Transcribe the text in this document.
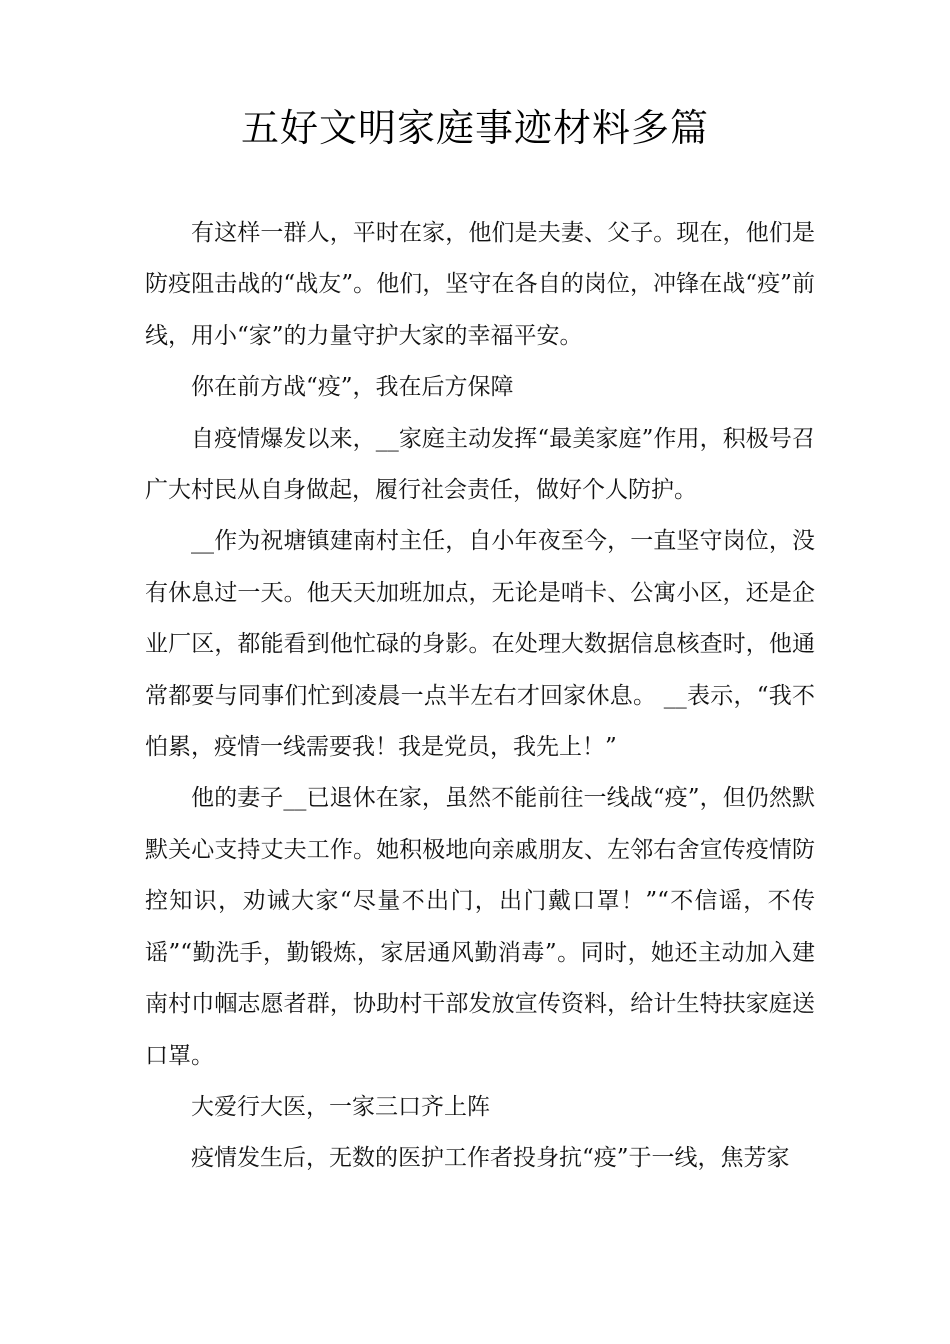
五好文明家庭事迹材料多篇

有这样一群人，平时在家，他们是夫妻、父子。现在，他们是防疫阻击战的“战友”。他们，坚守在各自的岗位，冲锋在战“疫”前线，用小“家”的力量守护大家的幸福平安。

你在前方战“疫”，我在后方保障

自疫情爆发以来，__家庭主动发挥“最美家庭”作用，积极号召广大村民从自身做起，履行社会责任，做好个人防护。

__作为祝塘镇建南村主任，自小年夜至今，一直坚守岗位，没有休息过一天。他天天加班加点，无论是哨卡、公寓小区，还是企业厂区，都能看到他忙碌的身影。在处理大数据信息核查时，他通常都要与同事们忙到凌晨一点半左右才回家休息。 __表示，“我不怕累，疫情一线需要我！我是党员，我先上！”

他的妻子__已退休在家，虽然不能前往一线战“疫”，但仍然默默关心支持丈夫工作。她积极地向亲戚朋友、左邻右舍宣传疫情防控知识，劝诫大家“尽量不出门，出门戴口罩！”“不信谣，不传谣”“勤洗手，勤锻炼，家居通风勤消毒”。同时，她还主动加入建南村巾帼志愿者群，协助村干部发放宣传资料，给计生特扶家庭送口罩。

大爱行大医，一家三口齐上阵

疫情发生后，无数的医护工作者投身抗“疫”于一线，焦芳家
